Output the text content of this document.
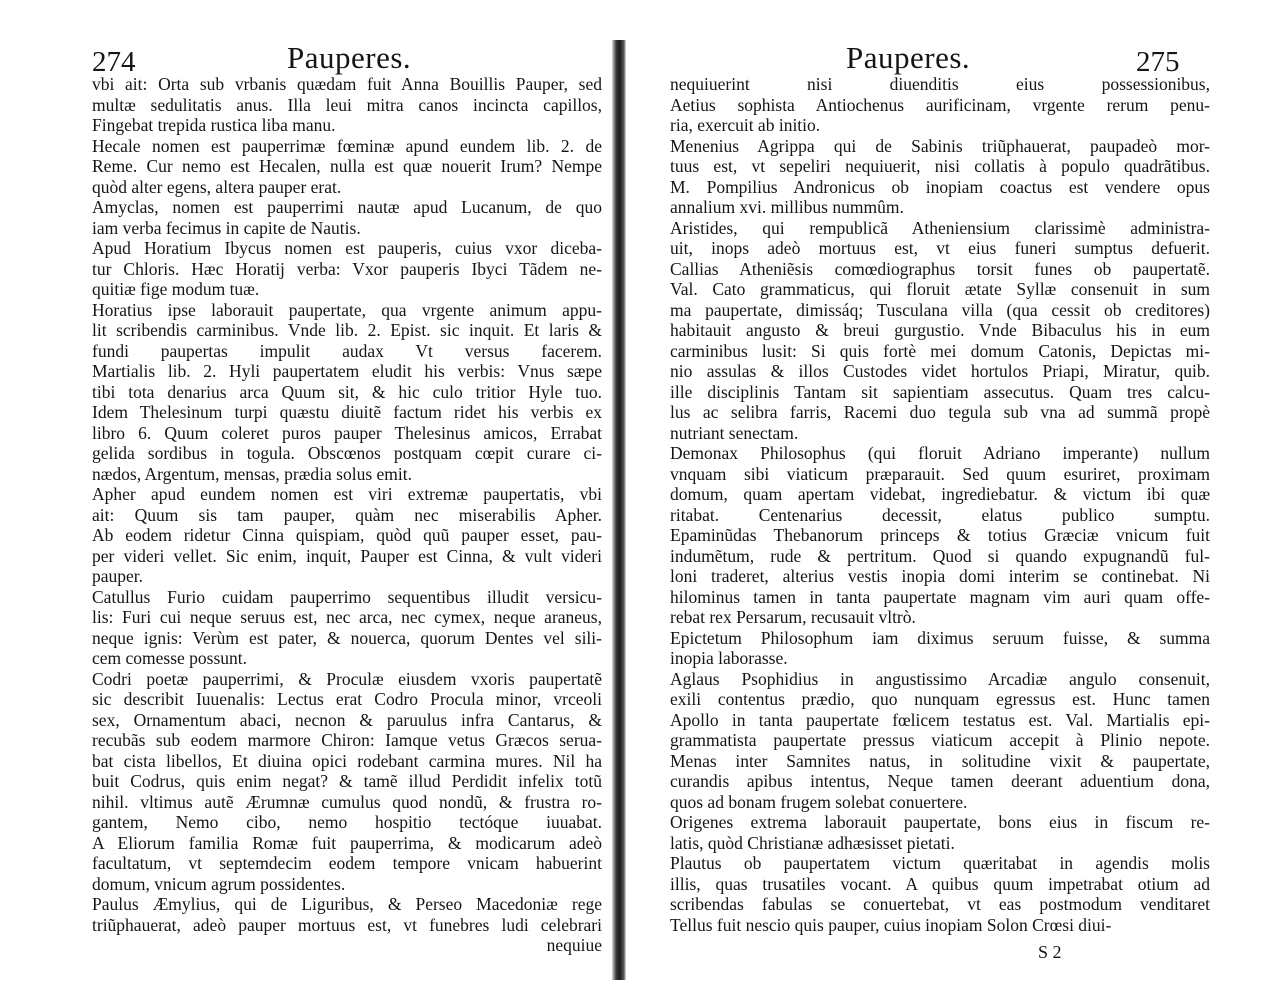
274	Pauperes.
vbi ait: Orta sub vrbanis quædam fuit Anna Bouillis Pauper, sed
multæ sedulitatis anus. Illa leui mitra canos incincta capillos,
Fingebat trepida rustica liba manu.
Hecale nomen est pauperrimæ fœminæ apund eundem lib. 2. de
Reme. Cur nemo est Hecalen, nulla est quæ nouerit Irum? Nempe
quòd alter egens, altera pauper erat.
Amyclas, nomen est pauperrimi nautæ apud Lucanum, de quo
iam verba fecimus in capite de Nautis.
Apud Horatium Ibycus nomen est pauperis, cuius vxor diceba-
tur Chloris. Hæc Horatij verba: Vxor pauperis Ibyci Tãdem ne-
quitiæ fige modum tuæ.
Horatius ipse laborauit paupertate, qua vrgente animum appu-
lit scribendis carminibus. Vnde lib. 2. Epist. sic inquit. Et laris &
fundi paupertas impulit audax Vt versus facerem.
Martialis lib. 2. Hyli paupertatem eludit his verbis: Vnus sæpe
tibi tota denarius arca Quum sit, & hic culo tritior Hyle tuo.
Idem Thelesinum turpi quæstu diuitẽ factum ridet his verbis ex
libro 6. Quum coleret puros pauper Thelesinus amicos, Errabat
gelida sordibus in togula. Obscœnos postquam cœpit curare ci-
nædos, Argentum, mensas, prædia solus emit.
Apher apud eundem nomen est viri extremæ paupertatis, vbi
ait: Quum sis tam pauper, quàm nec miserabilis Apher.
Ab eodem ridetur Cinna quispiam, quòd quũ pauper esset, pau-
per videri vellet. Sic enim, inquit, Pauper est Cinna, & vult videri
pauper.
Catullus Furio cuidam pauperrimo sequentibus illudit versicu-
lis: Furi cui neque seruus est, nec arca, nec cymex, neque araneus,
neque ignis: Verùm est pater, & nouerca, quorum Dentes vel sili-
cem comesse possunt.
Codri poetæ pauperrimi, & Proculæ eiusdem vxoris paupertatẽ
sic describit Iuuenalis: Lectus erat Codro Procula minor, vrceoli
sex, Ornamentum abaci, necnon & paruulus infra Cantarus, &
recubãs sub eodem marmore Chiron: Iamque vetus Græcos serua-
bat cista libellos, Et diuina opici rodebant carmina mures. Nil ha
buit Codrus, quis enim negat? & tamẽ illud Perdidit infelix totũ
nihil. vltimus autẽ Ærumnæ cumulus quod nondũ, & frustra ro-
gantem, Nemo cibo, nemo hospitio tectóque iuuabat.
A Eliorum familia Romæ fuit pauperrima, & modicarum adeò
facultatum, vt septemdecim eodem tempore vnicam habuerint
domum, vnicum agrum possidentes.
Paulus Æmylius, qui de Liguribus, & Perseo Macedoniæ rege
triũphauerat, adeò pauper mortuus est, vt funebres ludi celebrari
nequiue
Pauperes.	275
nequiuerint nisi diuenditis eius possessionibus,
Aetius sophista Antiochenus aurificinam, vrgente rerum penu-
ria, exercuit ab initio.
Menenius Agrippa qui de Sabinis triũphauerat, paupadeò mor-
tuus est, vt sepeliri nequiuerit, nisi collatis à populo quadrãtibus.
M. Pompilius Andronicus ob inopiam coactus est vendere opus
annalium xvi. millibus nummûm.
Aristides, qui rempublicã Atheniensium clarissimè administra-
uit, inops adeò mortuus est, vt eius funeri sumptus defuerit.
Callias Atheniẽsis comœdiographus torsit funes ob paupertatẽ.
Val. Cato grammaticus, qui floruit ætate Syllæ consenuit in sum
ma paupertate, dimissáq; Tusculana villa (qua cessit ob creditores)
habitauit angusto & breui gurgustio. Vnde Bibaculus his in eum
carminibus lusit: Si quis fortè mei domum Catonis, Depictas mi-
nio assulas & illos Custodes videt hortulos Priapi, Miratur, quib.
ille disciplinis Tantam sit sapientiam assecutus. Quam tres calcu-
lus ac selibra farris, Racemi duo tegula sub vna ad summã propè
nutriant senectam.
Demonax Philosophus (qui floruit Adriano imperante) nullum
vnquam sibi viaticum præparauit. Sed quum esuriret, proximam
domum, quam apertam videbat, ingrediebatur. & victum ibi quæ
ritabat. Centenarius decessit, elatus publico sumptu.
Epaminũdas Thebanorum princeps & totius Græciæ vnicum fuit
indumẽtum, rude & pertritum. Quod si quando expugnandũ ful-
loni traderet, alterius vestis inopia domi interim se continebat. Ni
hilominus tamen in tanta paupertate magnam vim auri quam offe-
rebat rex Persarum, recusauit vltrò.
Epictetum Philosophum iam diximus seruum fuisse, & summa
inopia laborasse.
Aglaus Psophidius in angustissimo Arcadiæ angulo consenuit,
exili contentus prædio, quo nunquam egressus est. Hunc tamen
Apollo in tanta paupertate fœlicem testatus est. Val. Martialis epi-
grammatista paupertate pressus viaticum accepit à Plinio nepote.
Menas inter Samnites natus, in solitudine vixit & paupertate,
curandis apibus intentus, Neque tamen deerant aduentium dona,
quos ad bonam frugem solebat conuertere.
Origenes extrema laborauit paupertate, bons eius in fiscum re-
latis, quòd Christianæ adhæsisset pietati.
Plautus ob paupertatem victum quæritabat in agendis molis
illis, quas trusatiles vocant. A quibus quum impetrabat otium ad
scribendas fabulas se conuertebat, vt eas postmodum venditaret
Tellus fuit nescio quis pauper, cuius inopiam Solon Crœsi diui-
S 2
